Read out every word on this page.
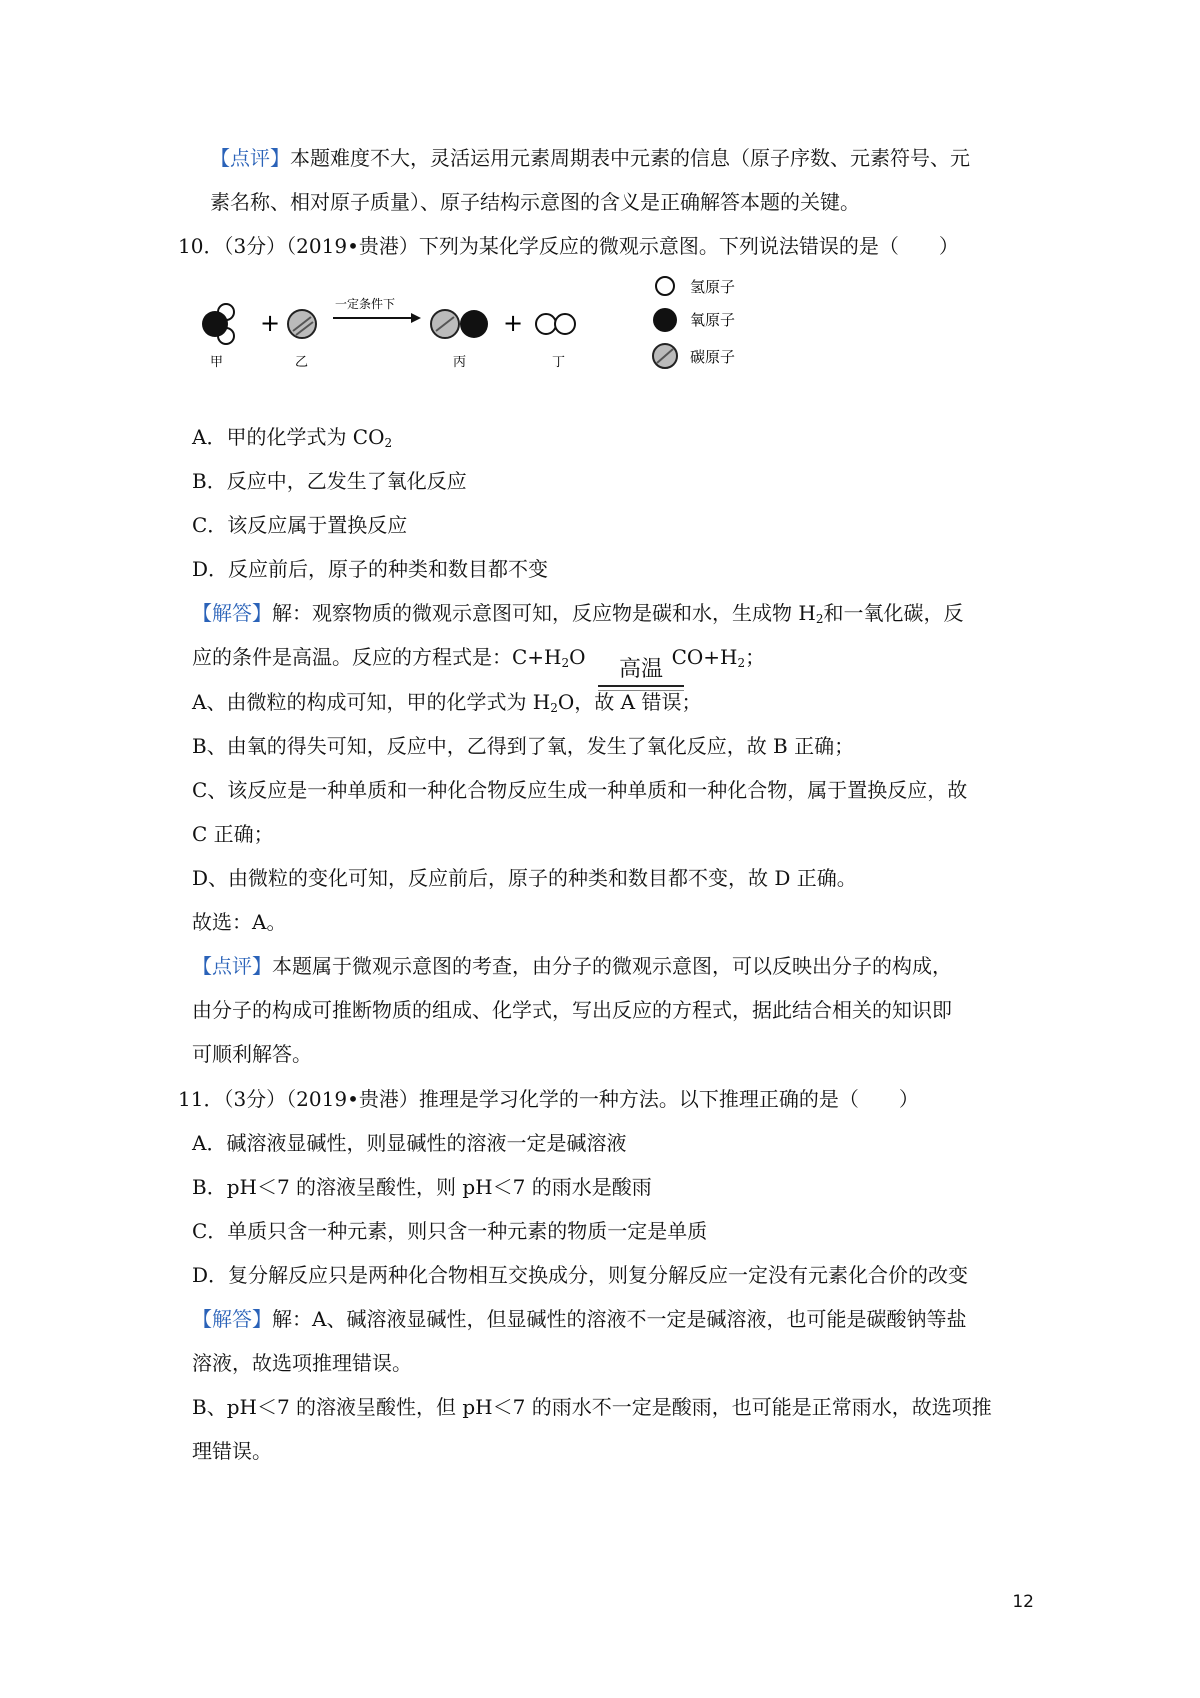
【点评】本题难度不大，灵活运用元素周期表中元素的信息（原子序数、元素符号、元
素名称、相对原子质量）、原子结构示意图的含义是正确解答本题的关键。
10．（3分）（2019•贵港）下列为某化学反应的微观示意图。下列说法错误的是（　　）
+
一定条件下
+
甲	乙	丙	丁
氢原子
氧原子
碳原子
A．甲的化学式为 $CO_2$
B．反应中，乙发生了氧化反应
C．该反应属于置换反应
D．反应前后，原子的种类和数目都不变
【解答】解：观察物质的微观示意图可知，反应物是碳和水，生成物 $H_2$和一氧化碳，反
应的条件是高温。反应的方程式是：$C+H_2O$	$CO+H_2$；
高温
A、由微粒的构成可知，甲的化学式为 $H_2O$，故 A 错误；
B、由氧的得失可知，反应中，乙得到了氧，发生了氧化反应，故 B 正确；
C、该反应是一种单质和一种化合物反应生成一种单质和一种化合物，属于置换反应，故
C 正确；
D、由微粒的变化可知，反应前后，原子的种类和数目都不变，故 D 正确。
故选：A。
【点评】本题属于微观示意图的考查，由分子的微观示意图，可以反映出分子的构成，
由分子的构成可推断物质的组成、化学式，写出反应的方程式，据此结合相关的知识即
可顺利解答。
11．（3分）（2019•贵港）推理是学习化学的一种方法。以下推理正确的是（　　）
A．碱溶液显碱性，则显碱性的溶液一定是碱溶液
B．pH＜7 的溶液呈酸性，则 pH＜7 的雨水是酸雨
C．单质只含一种元素，则只含一种元素的物质一定是单质
D．复分解反应只是两种化合物相互交换成分，则复分解反应一定没有元素化合价的改变
【解答】解：A、碱溶液显碱性，但显碱性的溶液不一定是碱溶液，也可能是碳酸钠等盐
溶液，故选项推理错误。
B、pH＜7 的溶液呈酸性，但 pH＜7 的雨水不一定是酸雨，也可能是正常雨水，故选项推
理错误。
12
